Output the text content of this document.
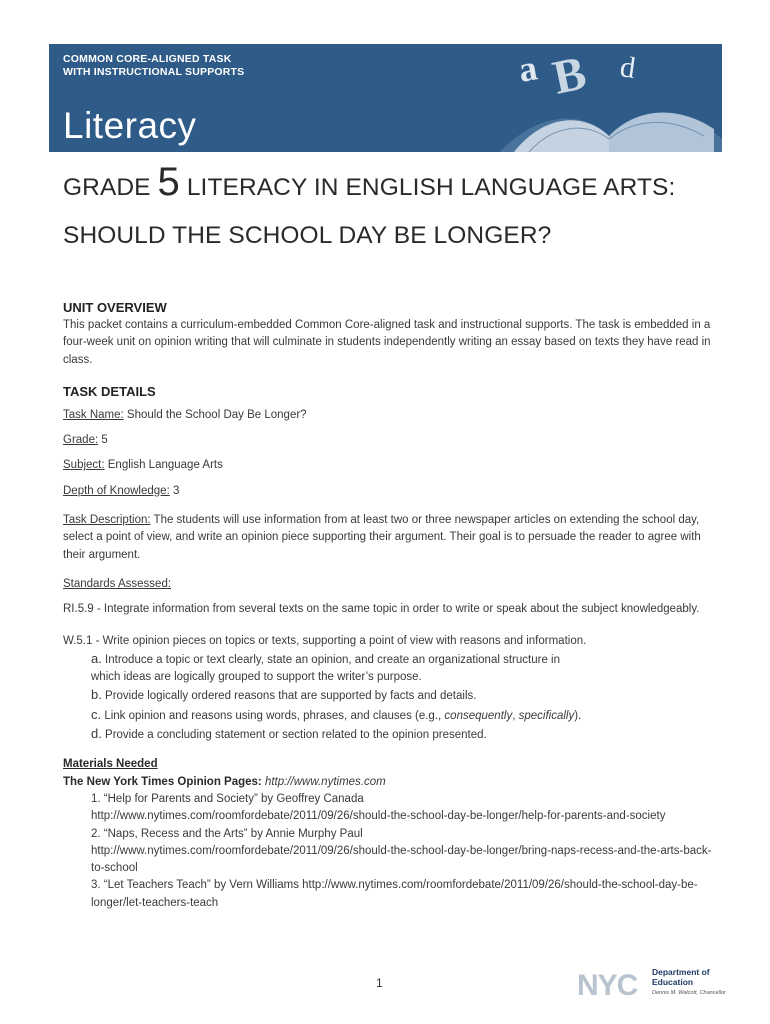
COMMON CORE-ALIGNED TASK
WITH INSTRUCTIONAL SUPPORTS
Literacy
a B d
GRADE 5 LITERACY IN ENGLISH LANGUAGE ARTS:
SHOULD THE SCHOOL DAY BE LONGER?
UNIT OVERVIEW

This packet contains a curriculum-embedded Common Core-aligned task and instructional supports. The task is embedded in a four-week unit on opinion writing that will culminate in students independently writing an essay based on texts they have read in class.

TASK DETAILS

Task Name: Should the School Day Be Longer?

Grade: 5

Subject: English Language Arts

Depth of Knowledge: 3

Task Description: The students will use information from at least two or three newspaper articles on extending the school day, select a point of view, and write an opinion piece supporting their argument. Their goal is to persuade the reader to agree with their argument.

Standards Assessed:

RI.5.9 - Integrate information from several texts on the same topic in order to write or speak about the subject knowledgeably.

W.5.1 - Write opinion pieces on topics or texts, supporting a point of view with reasons and information.

a. Introduce a topic or text clearly, state an opinion, and create an organizational structure in

which ideas are logically grouped to support the writer’s purpose.

b. Provide logically ordered reasons that are supported by facts and details.

c. Link opinion and reasons using words, phrases, and clauses (e.g., consequently, specifically).

d. Provide a concluding statement or section related to the opinion presented.

Materials Needed

The New York Times Opinion Pages: http://www.nytimes.com

1. “Help for Parents and Society” by Geoffrey Canada

http://www.nytimes.com/roomfordebate/2011/09/26/should-the-school-day-be-longer/help-for-parents-and-society

2. “Naps, Recess and the Arts” by Annie Murphy Paul

http://www.nytimes.com/roomfordebate/2011/09/26/should-the-school-day-be-longer/bring-naps-recess-and-the-arts-back-to-school

3. “Let Teachers Teach” by Vern Williams http://www.nytimes.com/roomfordebate/2011/09/26/should-the-school-day-be-longer/let-teachers-teach

1	NYC Department of
Education
Dennis M. Walcott, Chancellor
